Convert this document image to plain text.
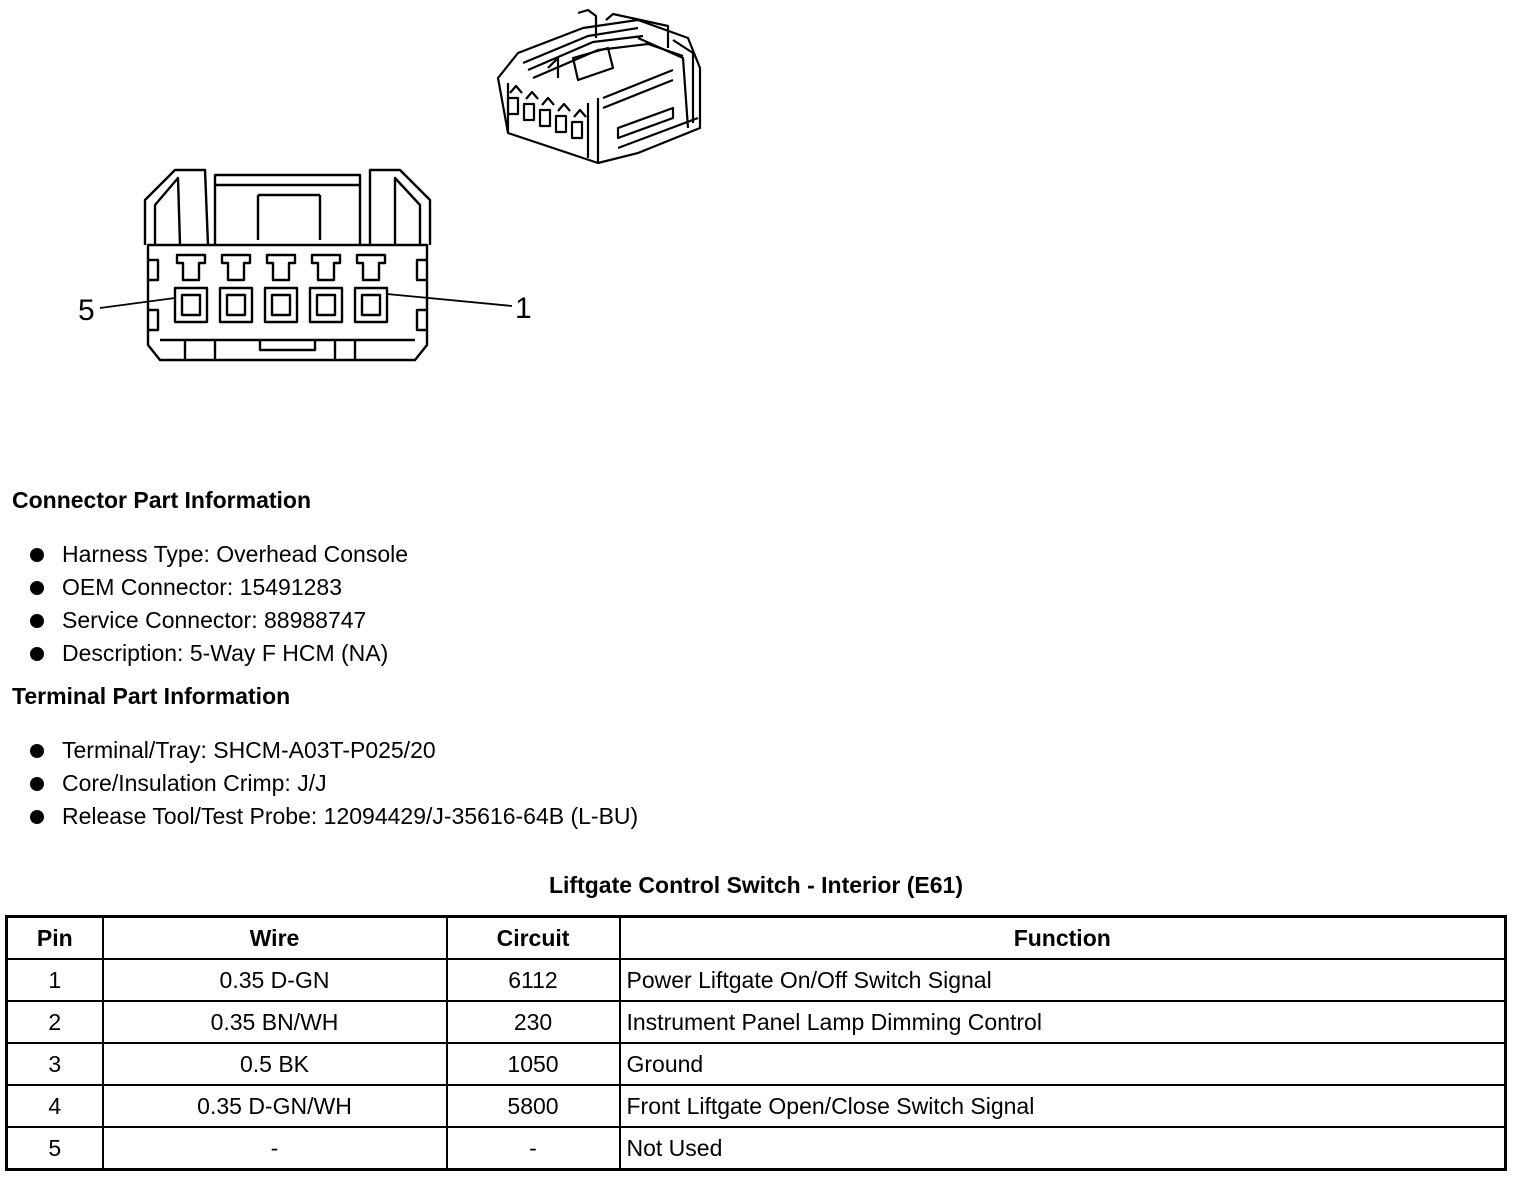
5	1
Connector Part Information
Harness Type: Overhead Console
OEM Connector: 15491283
Service Connector: 88988747
Description: 5-Way F HCM (NA)
Terminal Part Information
Terminal/Tray: SHCM-A03T-P025/20
Core/Insulation Crimp: J/J
Release Tool/Test Probe: 12094429/J-35616-64B (L-BU)
Liftgate Control Switch - Interior (E61)
Pin	Wire	Circuit	Function
1	0.35 D-GN	6112	Power Liftgate On/Off Switch Signal
2	0.35 BN/WH	230	Instrument Panel Lamp Dimming Control
3	0.5 BK	1050	Ground
4	0.35 D-GN/WH	5800	Front Liftgate Open/Close Switch Signal
5	-	-	Not Used
